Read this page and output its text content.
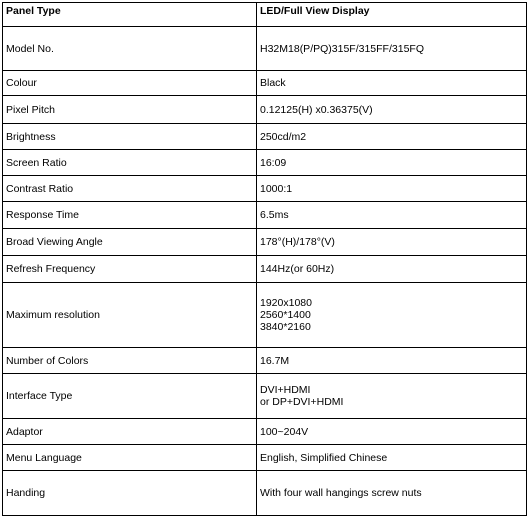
Panel Type	LED/Full View Display
Model No.	H32M18(P/PQ)315F/315FF/315FQ
Colour	Black
Pixel Pitch	0.12125(H) x0.36375(V)
Brightness	250cd/m2
Screen Ratio	16:09
Contrast Ratio	1000:1
Response Time	6.5ms
Broad Viewing Angle	178°(H)/178°(V)
Refresh Frequency	144Hz(or 60Hz)
Maximum resolution	1920x1080
2560*1400
3840*2160

Number of Colors	16.7M
Interface Type	DVI+HDMI
or DP+DVI+HDMI

Adaptor	100~204V
Menu Language	English, Simplified Chinese
Handing	With four wall hangings screw nuts
